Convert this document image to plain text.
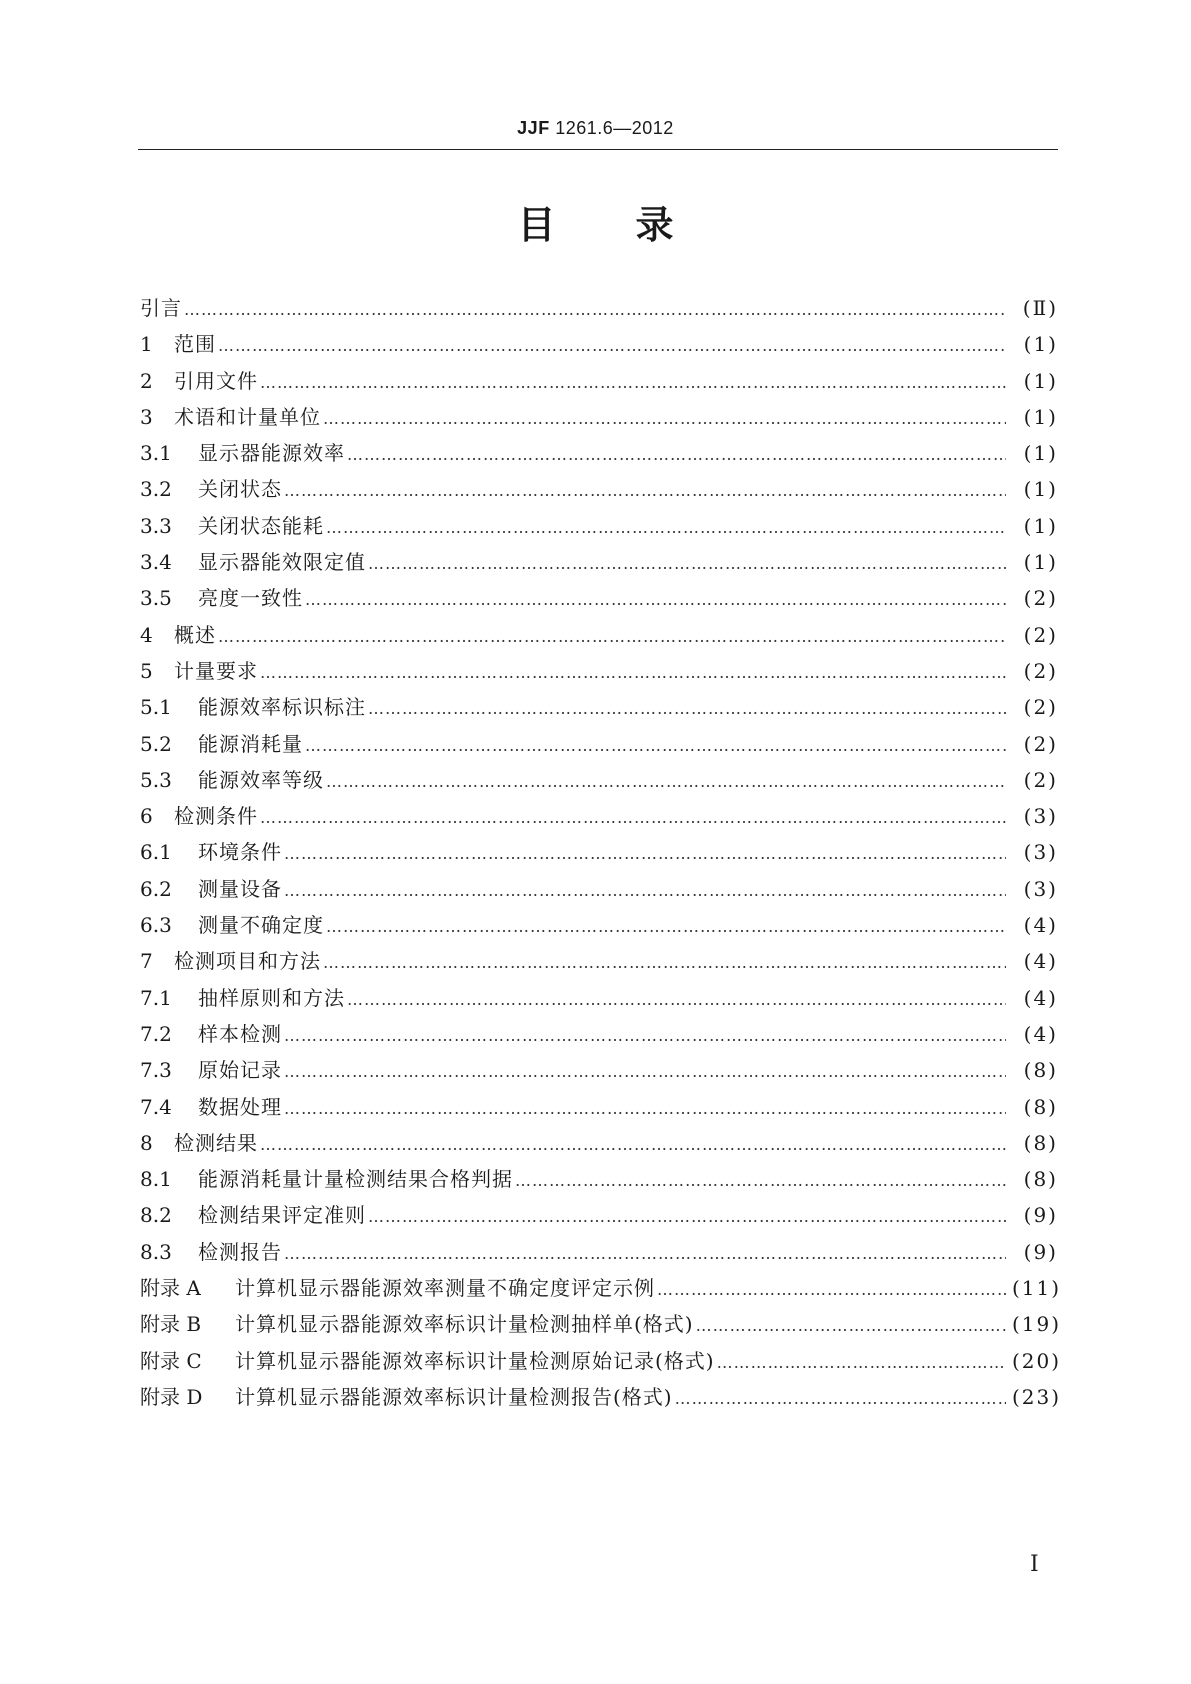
JJF 1261.6—2012
目录
引言 …………………………………………………………………………………………………………………………………………………………………………………………	(Ⅱ)
1	范围 …………………………………………………………………………………………………………………………………………………………………………………………	(1)
2	引用文件 …………………………………………………………………………………………………………………………………………………………………………………………	(1)
3	术语和计量单位 …………………………………………………………………………………………………………………………………………………………………………………………	(1)
3.1	显示器能源效率 …………………………………………………………………………………………………………………………………………………………………………………………	(1)
3.2	关闭状态 …………………………………………………………………………………………………………………………………………………………………………………………	(1)
3.3	关闭状态能耗 …………………………………………………………………………………………………………………………………………………………………………………………	(1)
3.4	显示器能效限定值 …………………………………………………………………………………………………………………………………………………………………………………………	(1)
3.5	亮度一致性 …………………………………………………………………………………………………………………………………………………………………………………………	(2)
4	概述 …………………………………………………………………………………………………………………………………………………………………………………………	(2)
5	计量要求 …………………………………………………………………………………………………………………………………………………………………………………………	(2)
5.1	能源效率标识标注 …………………………………………………………………………………………………………………………………………………………………………………………	(2)
5.2	能源消耗量 …………………………………………………………………………………………………………………………………………………………………………………………	(2)
5.3	能源效率等级 …………………………………………………………………………………………………………………………………………………………………………………………	(2)
6	检测条件 …………………………………………………………………………………………………………………………………………………………………………………………	(3)
6.1	环境条件 …………………………………………………………………………………………………………………………………………………………………………………………	(3)
6.2	测量设备 …………………………………………………………………………………………………………………………………………………………………………………………	(3)
6.3	测量不确定度 …………………………………………………………………………………………………………………………………………………………………………………………	(4)
7	检测项目和方法 …………………………………………………………………………………………………………………………………………………………………………………………	(4)
7.1	抽样原则和方法 …………………………………………………………………………………………………………………………………………………………………………………………	(4)
7.2	样本检测 …………………………………………………………………………………………………………………………………………………………………………………………	(4)
7.3	原始记录 …………………………………………………………………………………………………………………………………………………………………………………………	(8)
7.4	数据处理 …………………………………………………………………………………………………………………………………………………………………………………………	(8)
8	检测结果 …………………………………………………………………………………………………………………………………………………………………………………………	(8)
8.1	能源消耗量计量检测结果合格判据 …………………………………………………………………………………………………………………………………………………………………………………………	(8)
8.2	检测结果评定准则 …………………………………………………………………………………………………………………………………………………………………………………………	(9)
8.3	检测报告 …………………………………………………………………………………………………………………………………………………………………………………………	(9)
附录 A	计算机显示器能源效率测量不确定度评定示例 …………………………………………………………………………………………………………………………………………………………………………………………	(11)
附录 B	计算机显示器能源效率标识计量检测抽样单(格式) …………………………………………………………………………………………………………………………………………………………………………………………	(19)
附录 C	计算机显示器能源效率标识计量检测原始记录(格式) …………………………………………………………………………………………………………………………………………………………………………………………	(20)
附录 D	计算机显示器能源效率标识计量检测报告(格式) …………………………………………………………………………………………………………………………………………………………………………………………	(23)
Ⅰ
